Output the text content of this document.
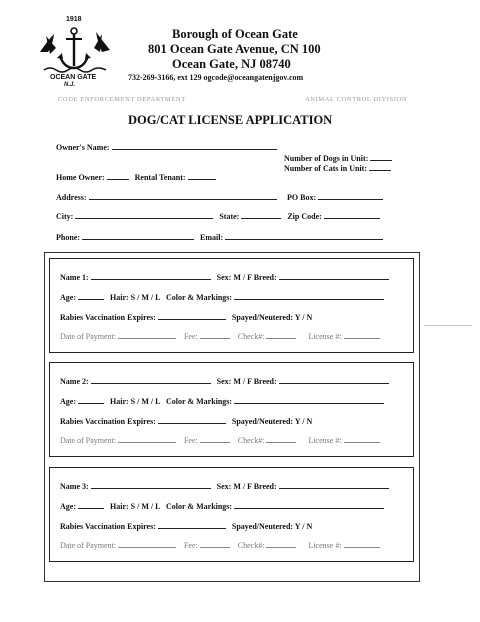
1918
OCEAN GATE
N.J.
Borough of Ocean Gate
801 Ocean Gate Avenue, CN 100
Ocean Gate, NJ 08740
732-269-3166, ext 129 ogcode@oceangatenjgov.com
CODE ENFORCEMENT DEPARTMENT	ANIMAL CONTROL DIVISION
DOG/CAT LICENSE APPLICATION
Owner's Name:
Number of Dogs in Unit:
Number of Cats in Unit:
Home Owner:	Rental Tenant:
Address:	PO Box:
City:	State:	Zip Code:
Phone:	Email:
Name 1:	Sex: M / F Breed:
Age:	Hair: S / M / L Color & Markings:
Rabies Vaccination Expires:	Spayed/Neutered: Y / N
Date of Payment:	Fee:	Check#:	License #:
Name 2:	Sex: M / F Breed:
Age:	Hair: S / M / L Color & Markings:
Rabies Vaccination Expires:	Spayed/Neutered: Y / N
Date of Payment:	Fee:	Check#:	License #:
Name 3:	Sex: M / F Breed:
Age:	Hair: S / M / L Color & Markings:
Rabies Vaccination Expires:	Spayed/Neutered: Y / N
Date of Payment:	Fee:	Check#:	License #:
